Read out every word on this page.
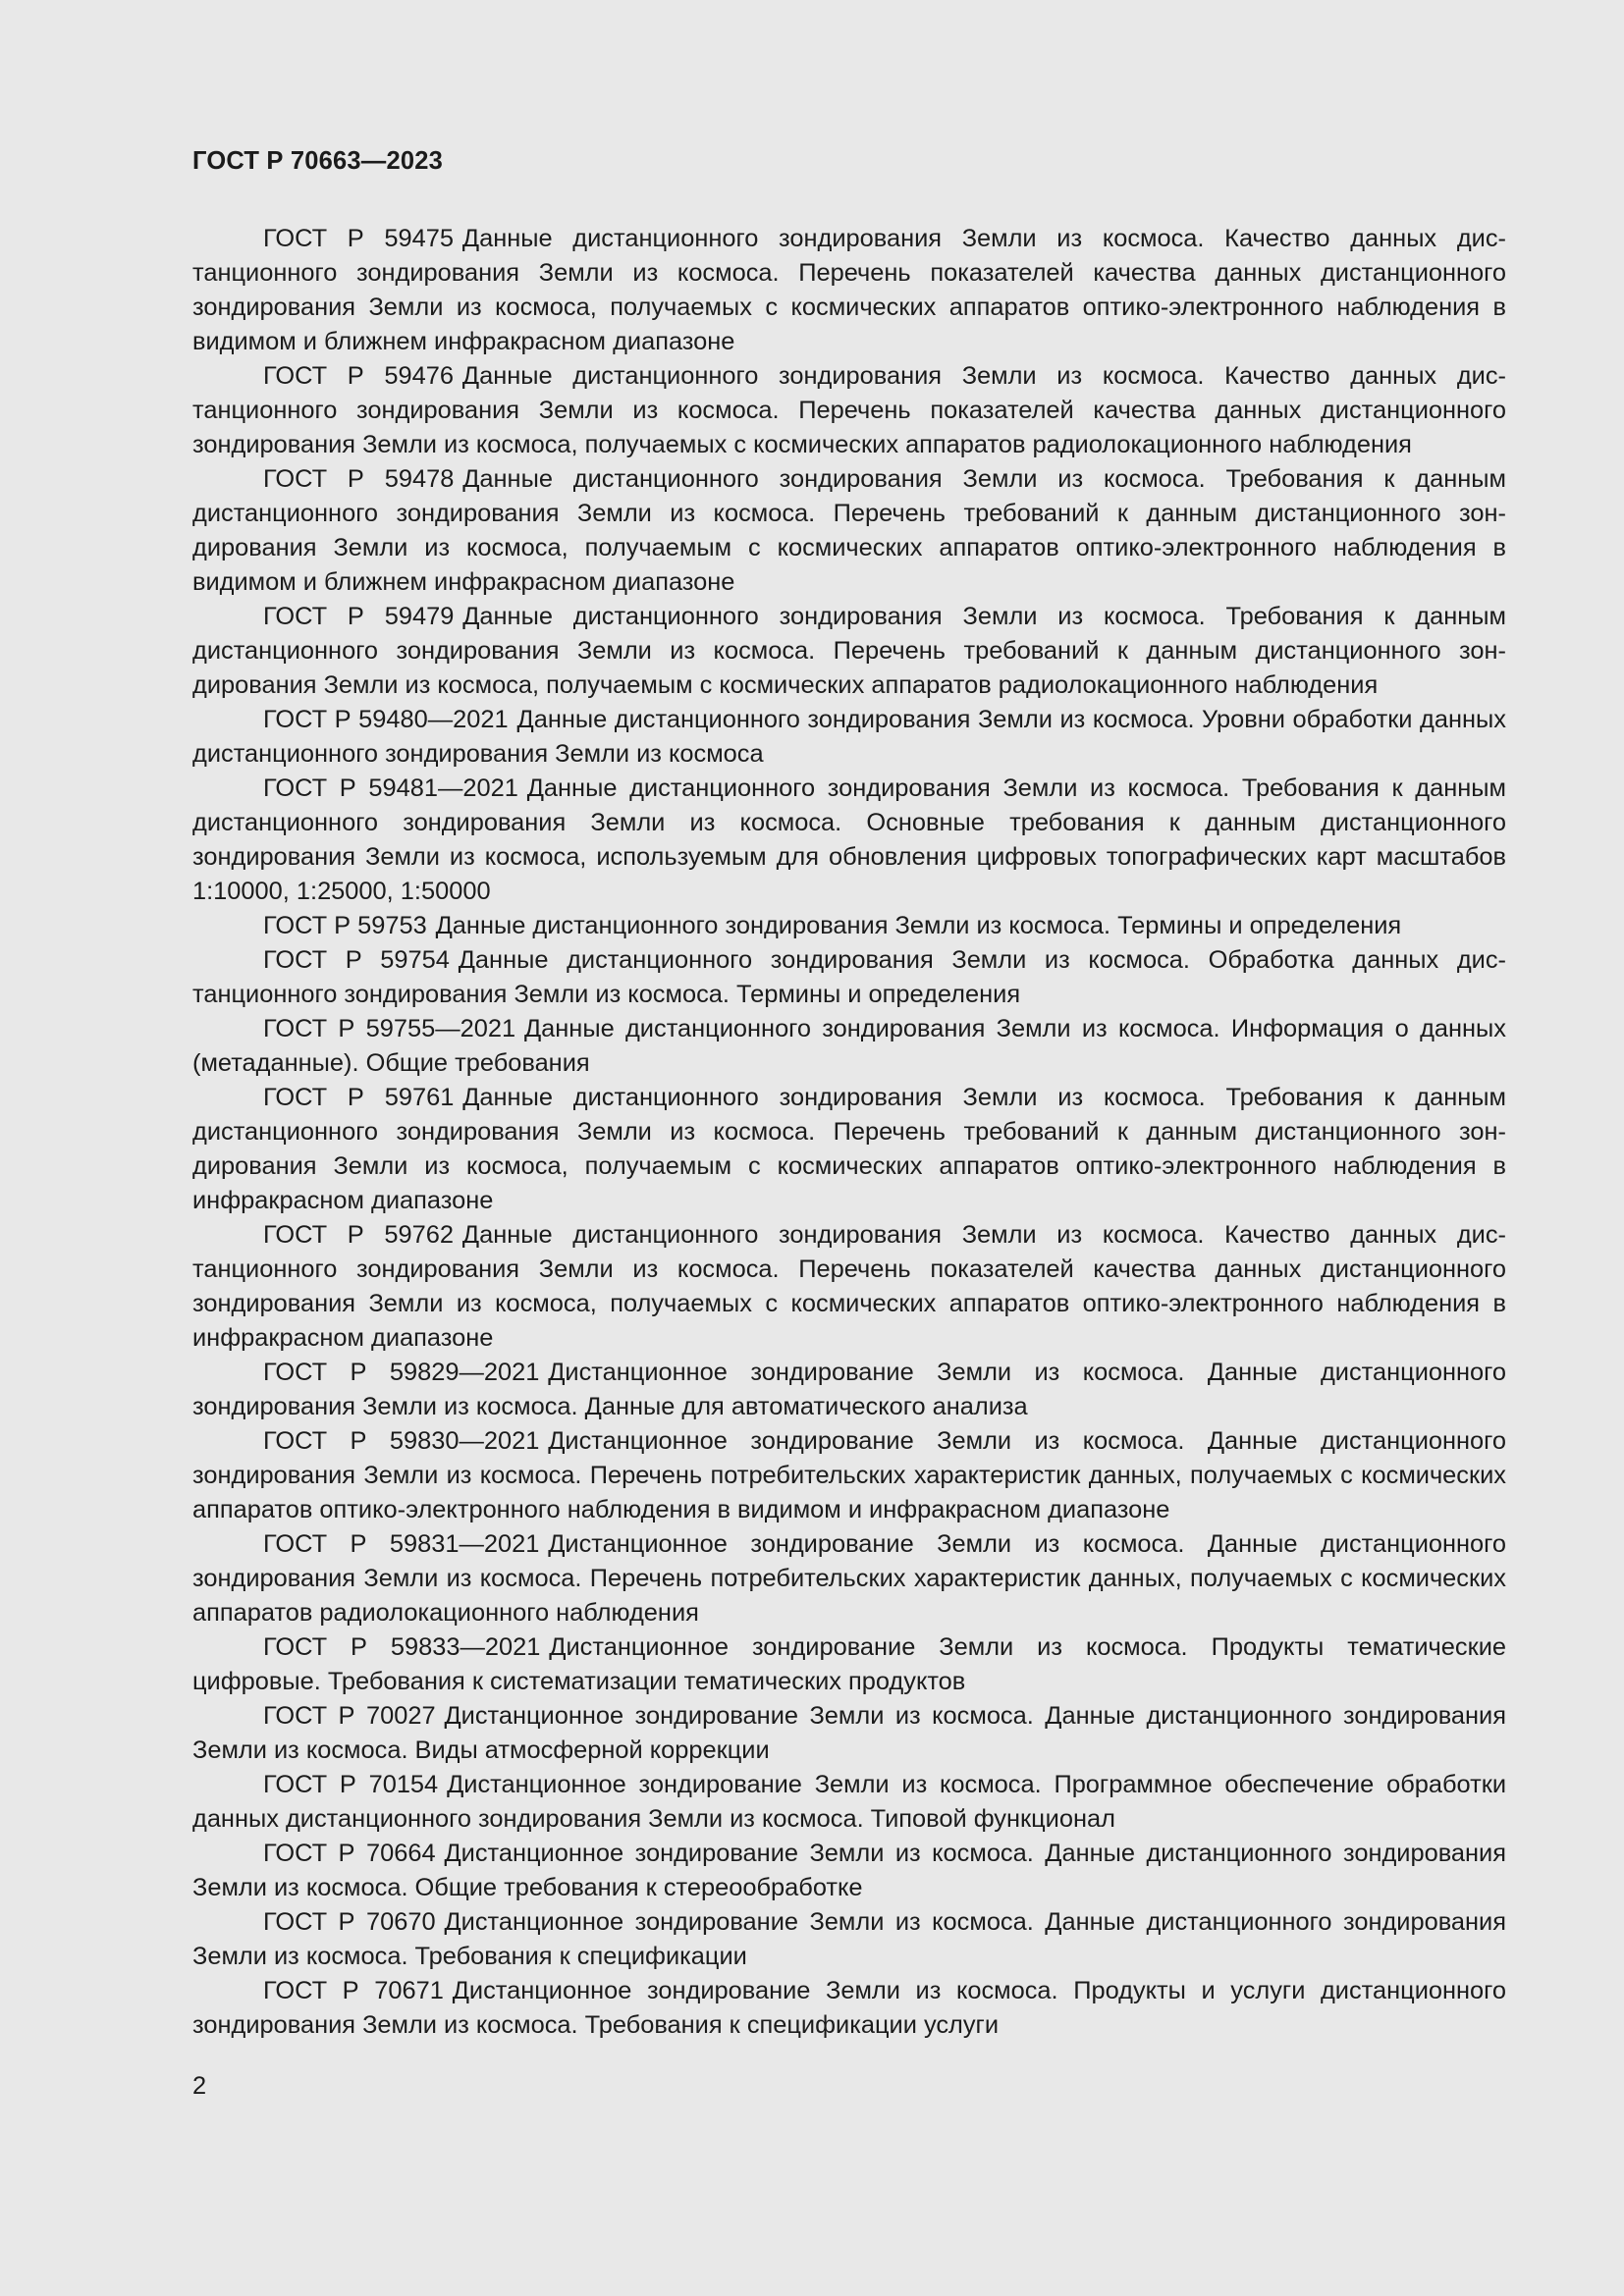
ГОСТ Р 70663—2023

ГОСТ Р 59475 Данные дистанционного зондирования Земли из космоса. Качество данных дистанционного зондирования Земли из космоса. Перечень показателей качества данных дистанционного зондирования Земли из космоса, получаемых с космических аппаратов оптико-электронного наблюдения в видимом и ближнем инфракрасном диапазоне

ГОСТ Р 59476 Данные дистанционного зондирования Земли из космоса. Качество данных дистанционного зондирования Земли из космоса. Перечень показателей качества данных дистанционного зондирования Земли из космоса, получаемых с космических аппаратов радиолокационного наблюдения

ГОСТ Р 59478 Данные дистанционного зондирования Земли из космоса. Требования к данным дистанционного зондирования Земли из космоса. Перечень требований к данным дистанционного зондирования Земли из космоса, получаемым с космических аппаратов оптико-электронного наблюдения в видимом и ближнем инфракрасном диапазоне

ГОСТ Р 59479 Данные дистанционного зондирования Земли из космоса. Требования к данным дистанционного зондирования Земли из космоса. Перечень требований к данным дистанционного зондирования Земли из космоса, получаемым с космических аппаратов радиолокационного наблюдения

ГОСТ Р 59480—2021 Данные дистанционного зондирования Земли из космоса. Уровни обработки данных дистанционного зондирования Земли из космоса

ГОСТ Р 59481—2021 Данные дистанционного зондирования Земли из космоса. Требования к данным дистанционного зондирования Земли из космоса. Основные требования к данным дистанционного зондирования Земли из космоса, используемым для обновления цифровых топографических карт масштабов 1:10000, 1:25000, 1:50000

ГОСТ Р 59753 Данные дистанционного зондирования Земли из космоса. Термины и определения

ГОСТ Р 59754 Данные дистанционного зондирования Земли из космоса. Обработка данных дистанционного зондирования Земли из космоса. Термины и определения

ГОСТ Р 59755—2021 Данные дистанционного зондирования Земли из космоса. Информация о данных (метаданные). Общие требования

ГОСТ Р 59761 Данные дистанционного зондирования Земли из космоса. Требования к данным дистанционного зондирования Земли из космоса. Перечень требований к данным дистанционного зондирования Земли из космоса, получаемым с космических аппаратов оптико-электронного наблюдения в инфракрасном диапазоне

ГОСТ Р 59762 Данные дистанционного зондирования Земли из космоса. Качество данных дистанционного зондирования Земли из космоса. Перечень показателей качества данных дистанционного зондирования Земли из космоса, получаемых с космических аппаратов оптико-электронного наблюдения в инфракрасном диапазоне

ГОСТ Р 59829—2021 Дистанционное зондирование Земли из космоса. Данные дистанционного зондирования Земли из космоса. Данные для автоматического анализа

ГОСТ Р 59830—2021 Дистанционное зондирование Земли из космоса. Данные дистанционного зондирования Земли из космоса. Перечень потребительских характеристик данных, получаемых с космических аппаратов оптико-электронного наблюдения в видимом и инфракрасном диапазоне

ГОСТ Р 59831—2021 Дистанционное зондирование Земли из космоса. Данные дистанционного зондирования Земли из космоса. Перечень потребительских характеристик данных, получаемых с космических аппаратов радиолокационного наблюдения

ГОСТ Р 59833—2021 Дистанционное зондирование Земли из космоса. Продукты тематические цифровые. Требования к систематизации тематических продуктов

ГОСТ Р 70027 Дистанционное зондирование Земли из космоса. Данные дистанционного зондирования Земли из космоса. Виды атмосферной коррекции

ГОСТ Р 70154 Дистанционное зондирование Земли из космоса. Программное обеспечение обработки данных дистанционного зондирования Земли из космоса. Типовой функционал

ГОСТ Р 70664 Дистанционное зондирование Земли из космоса. Данные дистанционного зондирования Земли из космоса. Общие требования к стереообработке

ГОСТ Р 70670 Дистанционное зондирование Земли из космоса. Данные дистанционного зондирования Земли из космоса. Требования к спецификации

ГОСТ Р 70671 Дистанционное зондирование Земли из космоса. Продукты и услуги дистанционного зондирования Земли из космоса. Требования к спецификации услуги

2
